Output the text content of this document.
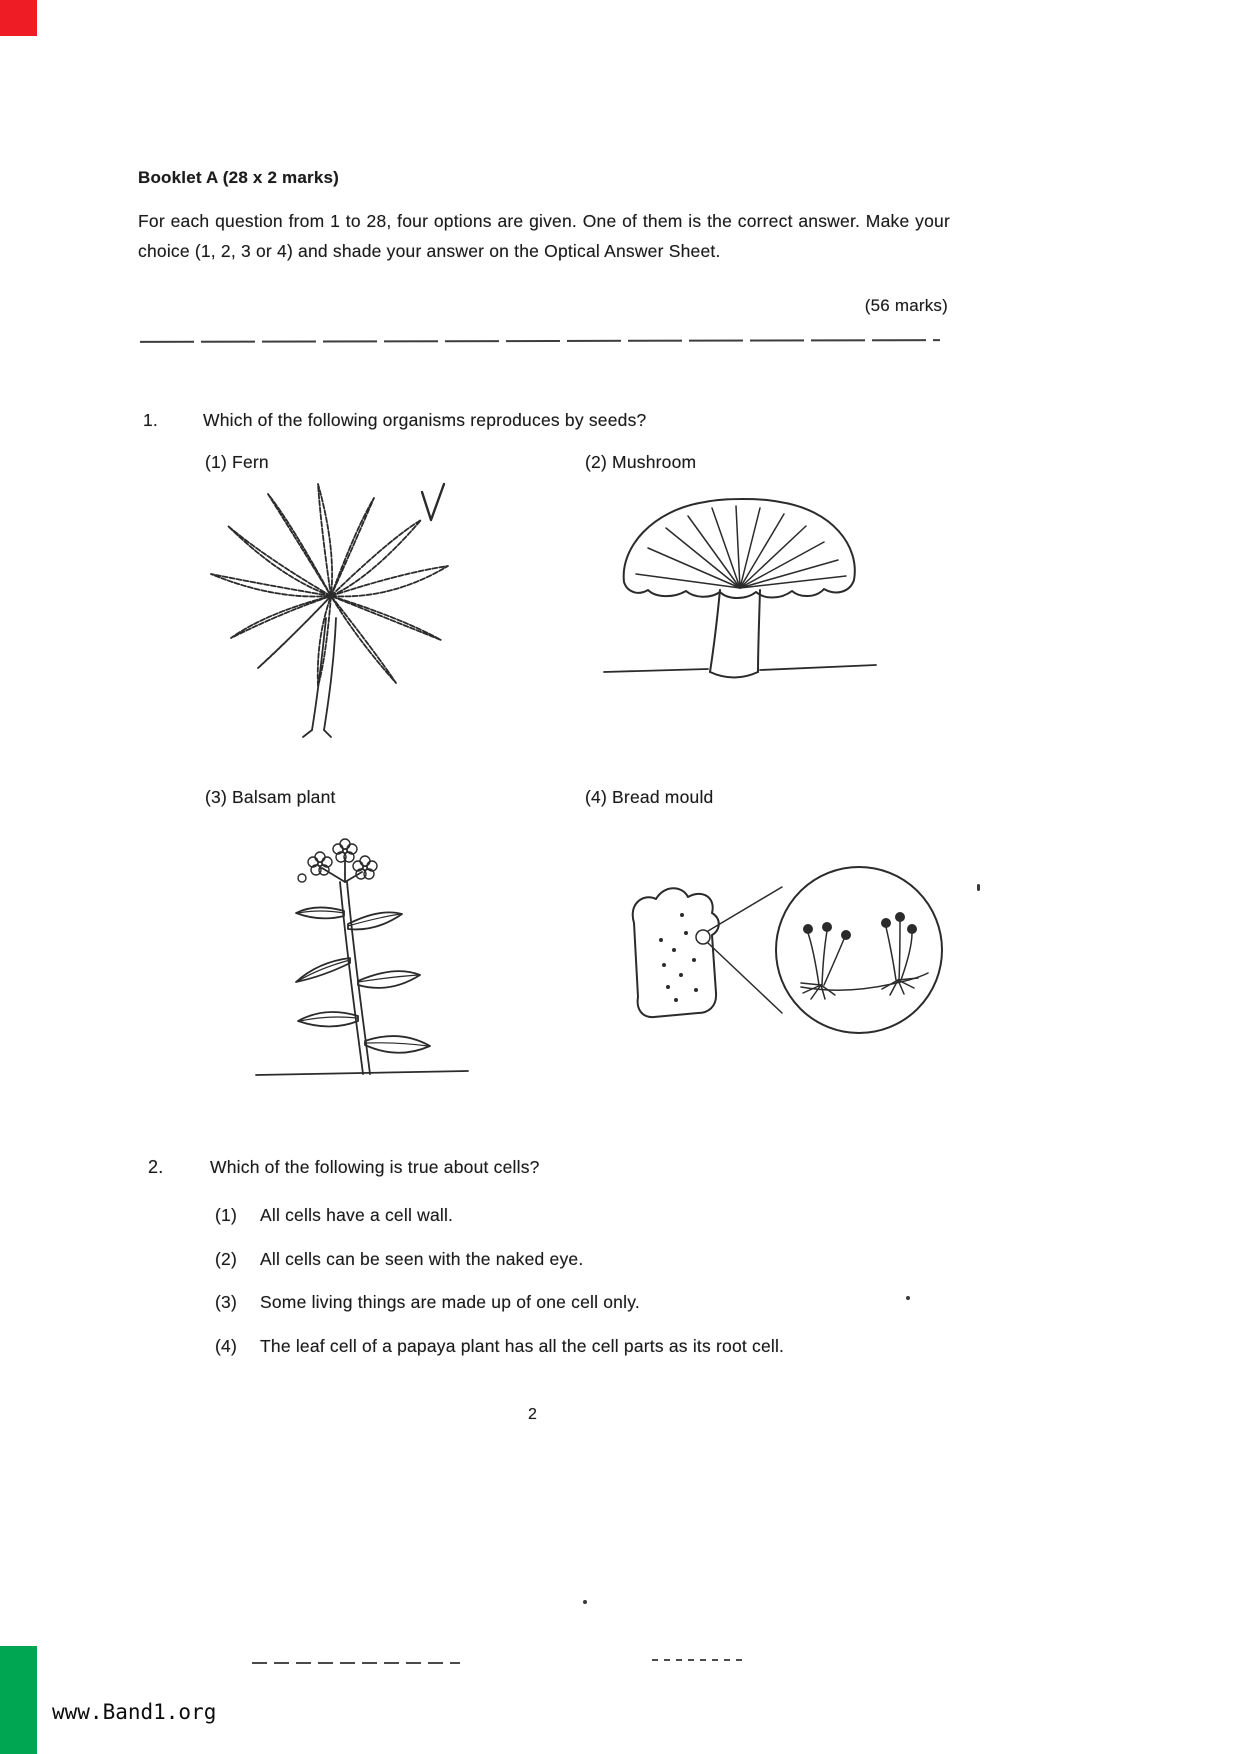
Booklet A (28 x 2 marks)
For each question from 1 to 28, four options are given. One of them is the correct answer. Make your choice (1, 2, 3 or 4) and shade your answer on the Optical Answer Sheet.
(56 marks)
1.	Which of the following organisms reproduces by seeds?
(1) Fern	(2) Mushroom
(3) Balsam plant	(4) Bread mould
2.	Which of the following is true about cells?
(1) All cells have a cell wall.
(2) All cells can be seen with the naked eye.
(3) Some living things are made up of one cell only.
(4) The leaf cell of a papaya plant has all the cell parts as its root cell.
2
www.Band1.org
